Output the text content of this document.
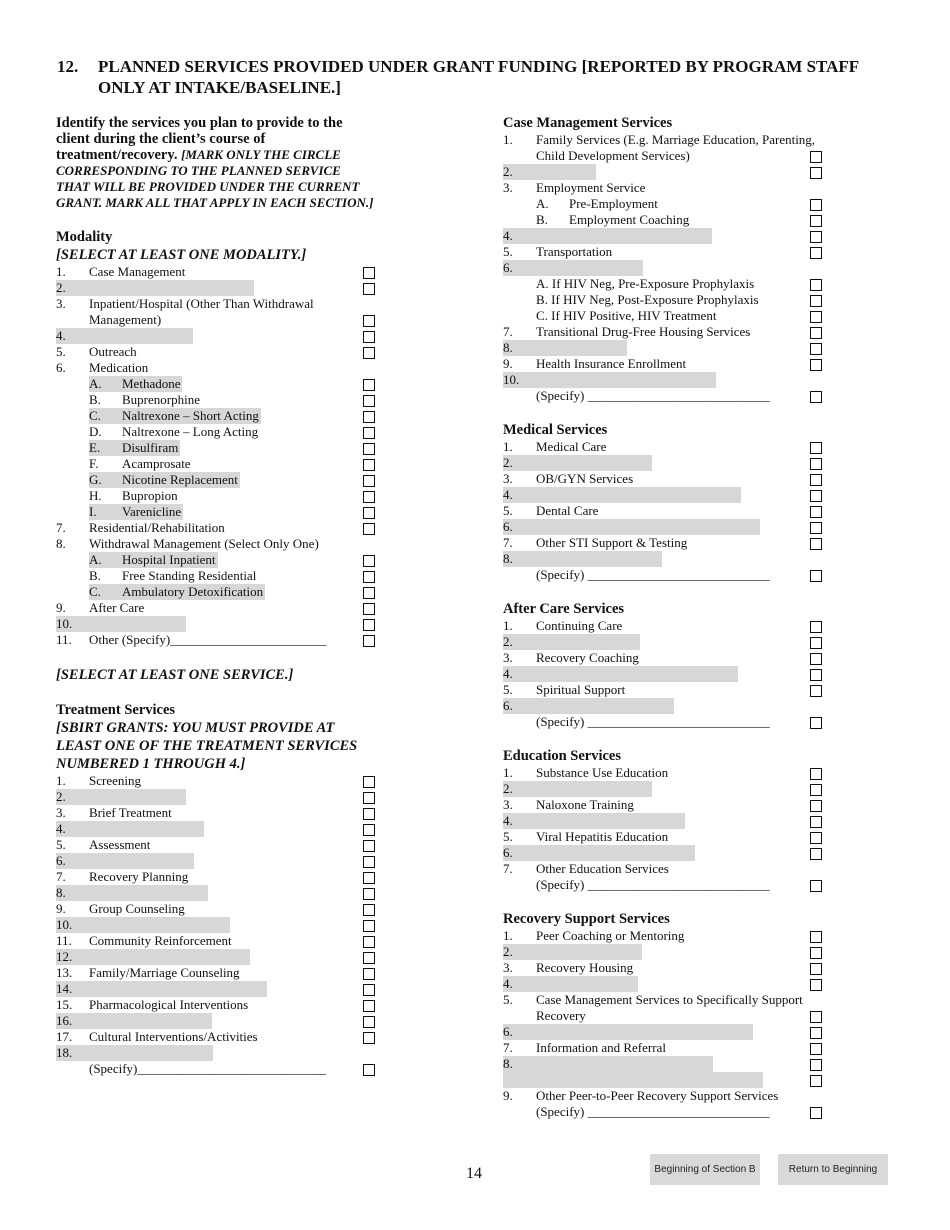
12. PLANNED SERVICES PROVIDED UNDER GRANT FUNDING [REPORTED BY PROGRAM STAFF ONLY AT INTAKE/BASELINE.]

Identify the services you plan to provide to the client during the client’s course of treatment/recovery. [MARK ONLY THE CIRCLE CORRESPONDING TO THE PLANNED SERVICE THAT WILL BE PROVIDED UNDER THE CURRENT GRANT. MARK ALL THAT APPLY IN EACH SECTION.]

Modality

[SELECT AT LEAST ONE MODALITY.]

1. Case Management
2.
3. Inpatient/Hospital (Other Than Withdrawal Management)
4.
5. Outreach
6. Medication
A. Methadone
B. Buprenorphine
C. Naltrexone – Short Acting
D. Naltrexone – Long Acting
E. Disulfiram
F. Acamprosate
G. Nicotine Replacement
H. Bupropion
I. Varenicline
7. Residential/Rehabilitation
8. Withdrawal Management (Select Only One)
A. Hospital Inpatient
B. Free Standing Residential
C. Ambulatory Detoxification
9. After Care
10.
11. Other (Specify)________________________

[SELECT AT LEAST ONE SERVICE.]

Treatment Services

[SBIRT GRANTS: YOU MUST PROVIDE AT LEAST ONE OF THE TREATMENT SERVICES NUMBERED 1 THROUGH 4.]

1. Screening
2.
3. Brief Treatment
4.
5. Assessment
6.
7. Recovery Planning
8.
9. Group Counseling
10.
11. Community Reinforcement
12.
13. Family/Marriage Counseling
14.
15. Pharmacological Interventions
16.
17. Cultural Interventions/Activities
18.
(Specify)_____________________________

Case Management Services

1. Family Services (E.g. Marriage Education, Parenting, Child Development Services)
2.
3. Employment Service
A. Pre-Employment
B. Employment Coaching
4.
5. Transportation
6.
A. If HIV Neg, Pre-Exposure Prophylaxis
B. If HIV Neg, Post-Exposure Prophylaxis
C. If HIV Positive, HIV Treatment
7. Transitional Drug-Free Housing Services
8.
9. Health Insurance Enrollment
10.
(Specify) ____________________________

Medical Services

1. Medical Care
2.
3. OB/GYN Services
4.
5. Dental Care
6.
7. Other STI Support & Testing
8.
(Specify) ____________________________

After Care Services

1. Continuing Care
2.
3. Recovery Coaching
4.
5. Spiritual Support
6.
(Specify) ____________________________

Education Services

1. Substance Use Education
2.
3. Naloxone Training
4.
5. Viral Hepatitis Education
6.
7. Other Education Services
(Specify) ____________________________

Recovery Support Services

1. Peer Coaching or Mentoring
2.
3. Recovery Housing
4.
5. Case Management Services to Specifically Support Recovery
6.
7. Information and Referral
8.
9. Other Peer-to-Peer Recovery Support Services
(Specify) ____________________________
14	Beginning of Section B	Return to Beginning
